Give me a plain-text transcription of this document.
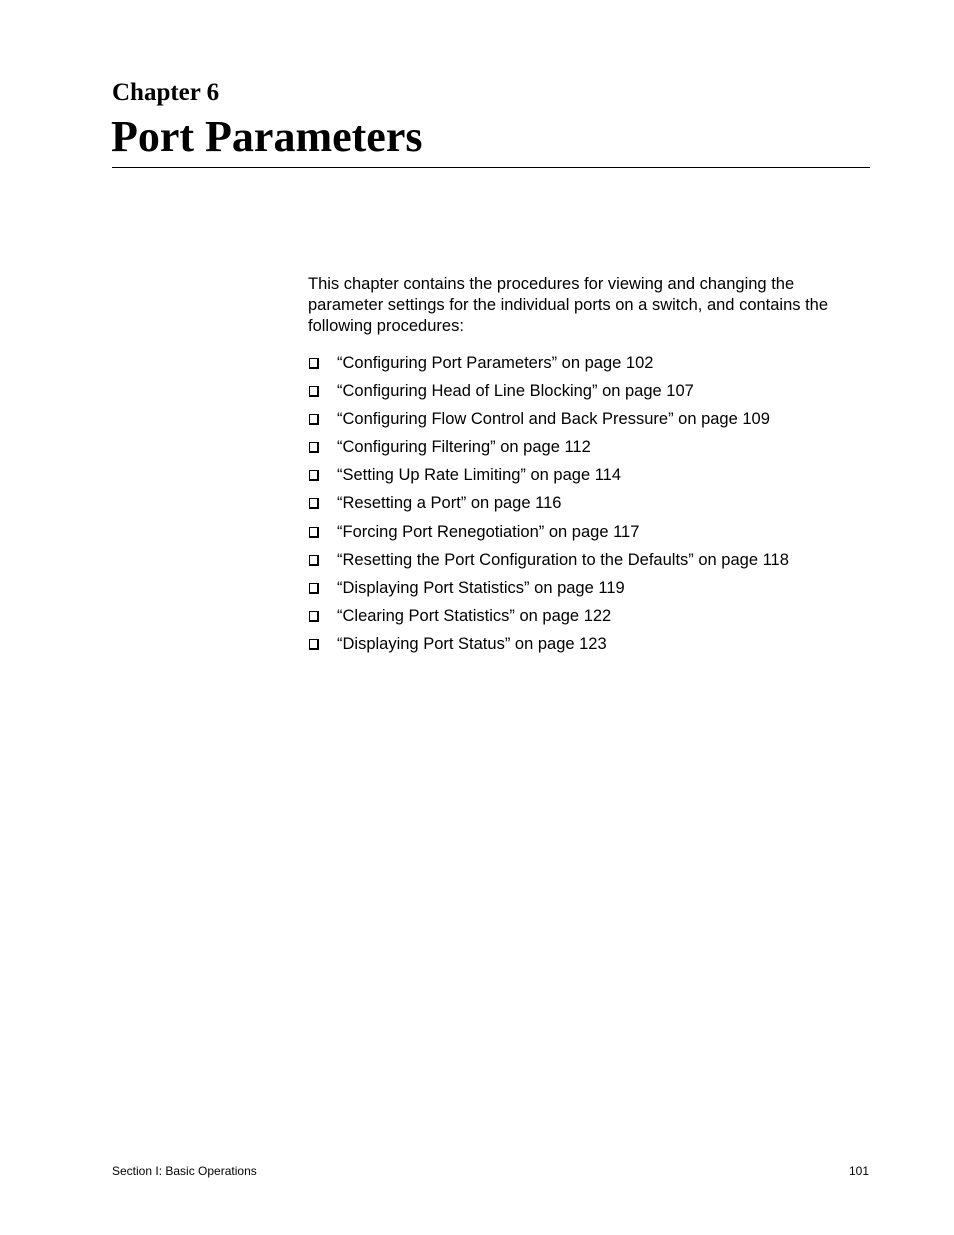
Chapter 6
Port Parameters

This chapter contains the procedures for viewing and changing the parameter settings for the individual ports on a switch, and contains the following procedures:

“Configuring Port Parameters” on page 102
“Configuring Head of Line Blocking” on page 107
“Configuring Flow Control and Back Pressure” on page 109
“Configuring Filtering” on page 112
“Setting Up Rate Limiting” on page 114
“Resetting a Port” on page 116
“Forcing Port Renegotiation” on page 117
“Resetting the Port Configuration to the Defaults” on page 118
“Displaying Port Statistics” on page 119
“Clearing Port Statistics” on page 122
“Displaying Port Status” on page 123
Section I: Basic Operations	101
